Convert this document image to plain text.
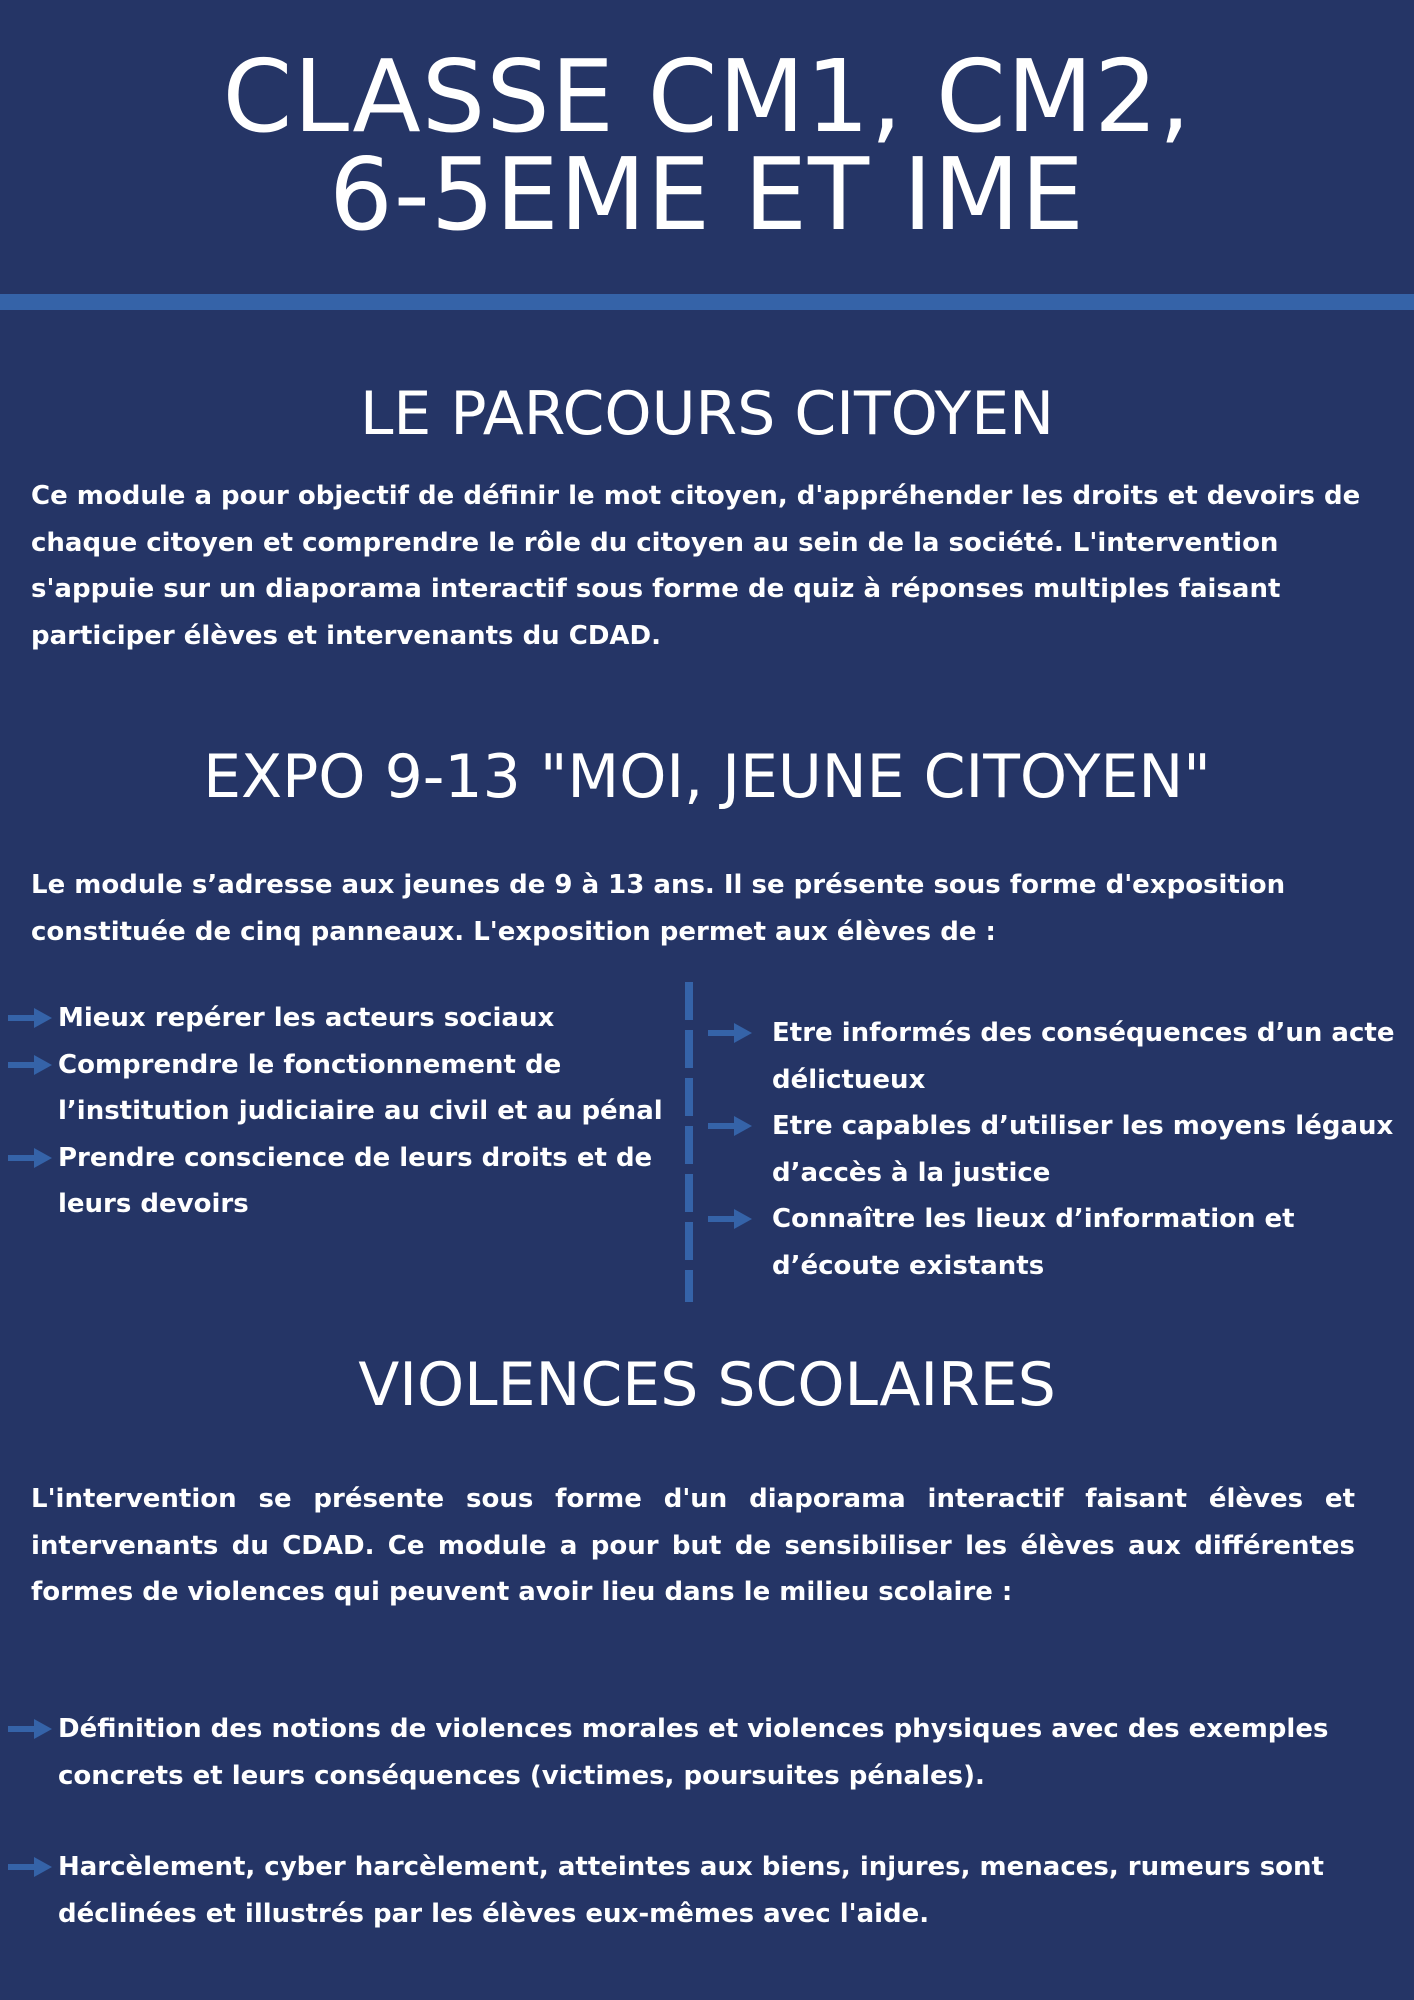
CLASSE CM1, CM2,
6-5EME ET IME
LE PARCOURS CITOYEN

Ce module a pour objectif de définir le mot citoyen, d'appréhender les droits et devoirs de chaque citoyen et comprendre le rôle du citoyen au sein de la société. L'intervention s'appuie sur un diaporama interactif sous forme de quiz à réponses multiples faisant participer élèves et intervenants du CDAD.

EXPO 9-13 "MOI, JEUNE CITOYEN"

Le module s’adresse aux jeunes de 9 à 13 ans. Il se présente sous forme d'exposition constituée de cinq panneaux. L'exposition permet aux élèves de :

Mieux repérer les acteurs sociaux
Comprendre le fonctionnement de l’institution judiciaire au civil et au pénal
Prendre conscience de leurs droits et de leurs devoirs
Etre informés des conséquences d’un acte délictueux
Etre capables d’utiliser les moyens légaux d’accès à la justice
Connaître les lieux d’information et d’écoute existants
VIOLENCES SCOLAIRES

L'intervention se présente sous forme d'un diaporama interactif faisant élèves et intervenants du CDAD. Ce module a pour but de sensibiliser les élèves aux différentes formes de violences qui peuvent avoir lieu dans le milieu scolaire :

Définition des notions de violences morales et violences physiques avec des exemples concrets et leurs conséquences (victimes, poursuites pénales).
Harcèlement, cyber harcèlement, atteintes aux biens, injures, menaces, rumeurs sont déclinées et illustrés par les élèves eux-mêmes avec l'aide.
